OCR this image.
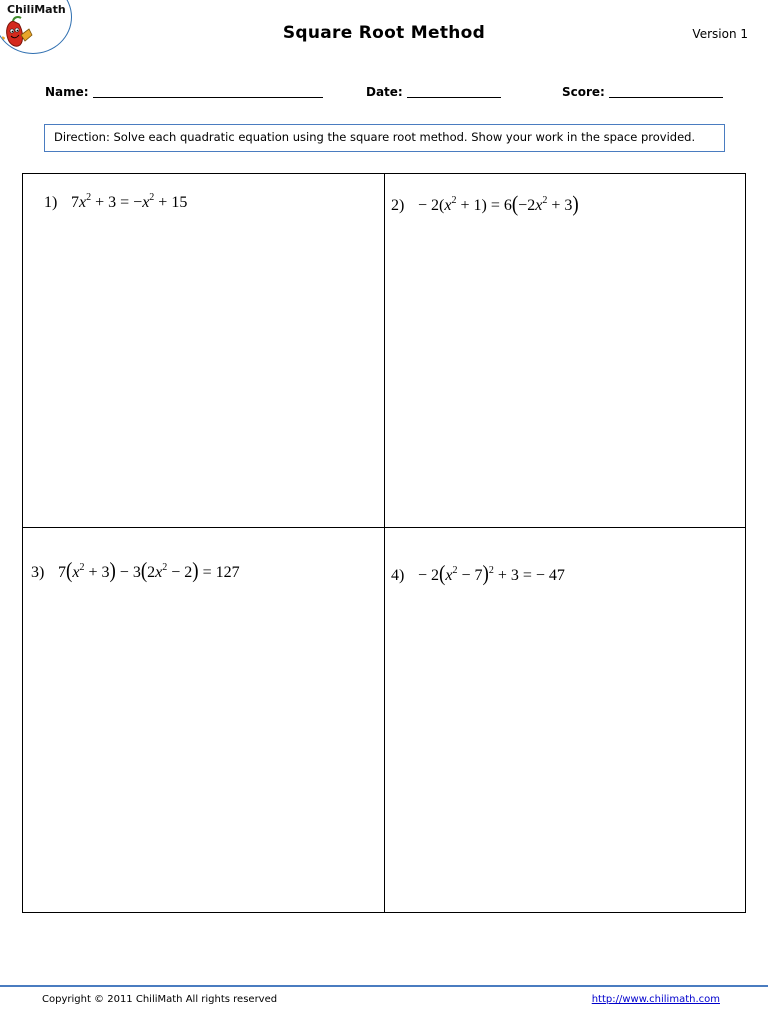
ChiliMath
Square Root Method	Version 1
Name:	Date:	Score:
Direction: Solve each quadratic equation using the square root method. Show your work in the space provided.
1) $7x^2 + 3 = -x^2 + 15$	$2) - 2(x^2 + 1) = 6(-2x^2 + 3)$
3) $7(x^2 + 3) - 3(2x^2 - 2) = 127$	$4) - 2(x^2 - 7)^2 + 3$ = − 47
Copyright © 2011 ChiliMath All rights reserved	http://www.chilimath.com
